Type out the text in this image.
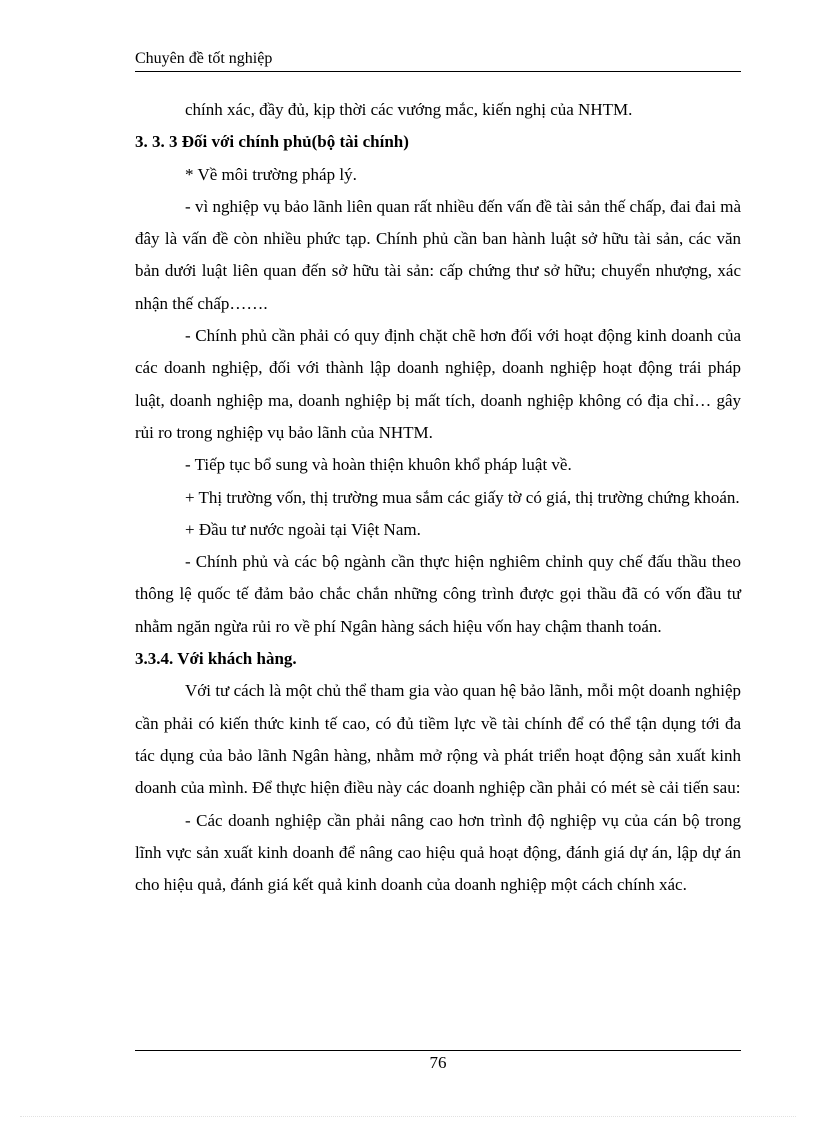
Chuyên đề tốt nghiệp

chính xác, đầy đủ, kịp thời các vướng mắc, kiến nghị của NHTM.

3. 3. 3 Đối với chính phủ(bộ tài chính)

* Về môi trường pháp lý.

- vì nghiệp vụ bảo lãnh liên quan rất nhiều đến vấn đề tài sản thế chấp, đai đai mà đây là vấn đề còn nhiều phức tạp. Chính phủ cần ban hành luật sở hữu tài sản, các văn bản dưới luật liên quan đến sở hữu tài sản: cấp chứng thư sở hữu; chuyển nhượng, xác nhận thế chấp…….

- Chính phủ cần phải có quy định chặt chẽ hơn đối với hoạt động kinh doanh của các doanh nghiệp, đối với thành lập doanh nghiệp, doanh nghiệp hoạt động trái pháp luật, doanh nghiệp ma, doanh nghiệp bị mất tích, doanh nghiệp không có địa chỉ… gây rủi ro trong nghiệp vụ bảo lãnh của NHTM.

- Tiếp tục bổ sung và hoàn thiện khuôn khổ pháp luật về.

+ Thị trường vốn, thị trường mua sắm các giấy tờ có giá, thị trường chứng khoán.

+ Đầu tư nước ngoài tại Việt Nam.

- Chính phủ và các bộ ngành cần thực hiện nghiêm chỉnh quy chế đấu thầu theo thông lệ quốc tế đảm bảo chắc chắn những công trình được gọi thầu đã có vốn đầu tư nhằm ngăn ngừa rủi ro về phí Ngân hàng sách hiệu vốn hay chậm thanh toán.

3.3.4. Với khách hàng.

Với tư cách là một chủ thể tham gia vào quan hệ bảo lãnh, mỗi một doanh nghiệp cần phải có kiến thức kinh tế cao, có đủ tiềm lực về tài chính để có thể tận dụng tới đa tác dụng của bảo lãnh Ngân hàng, nhằm mở rộng và phát triển hoạt động sản xuất kinh doanh của mình. Để thực hiện điều này các doanh nghiệp cần phải có mét sè cải tiến sau:

- Các doanh nghiệp cần phải nâng cao hơn trình độ nghiệp vụ của cán bộ trong lĩnh vực sản xuất kinh doanh để nâng cao hiệu quả hoạt động, đánh giá dự án, lập dự án cho hiệu quả, đánh giá kết quả kinh doanh của doanh nghiệp một cách chính xác.

76
